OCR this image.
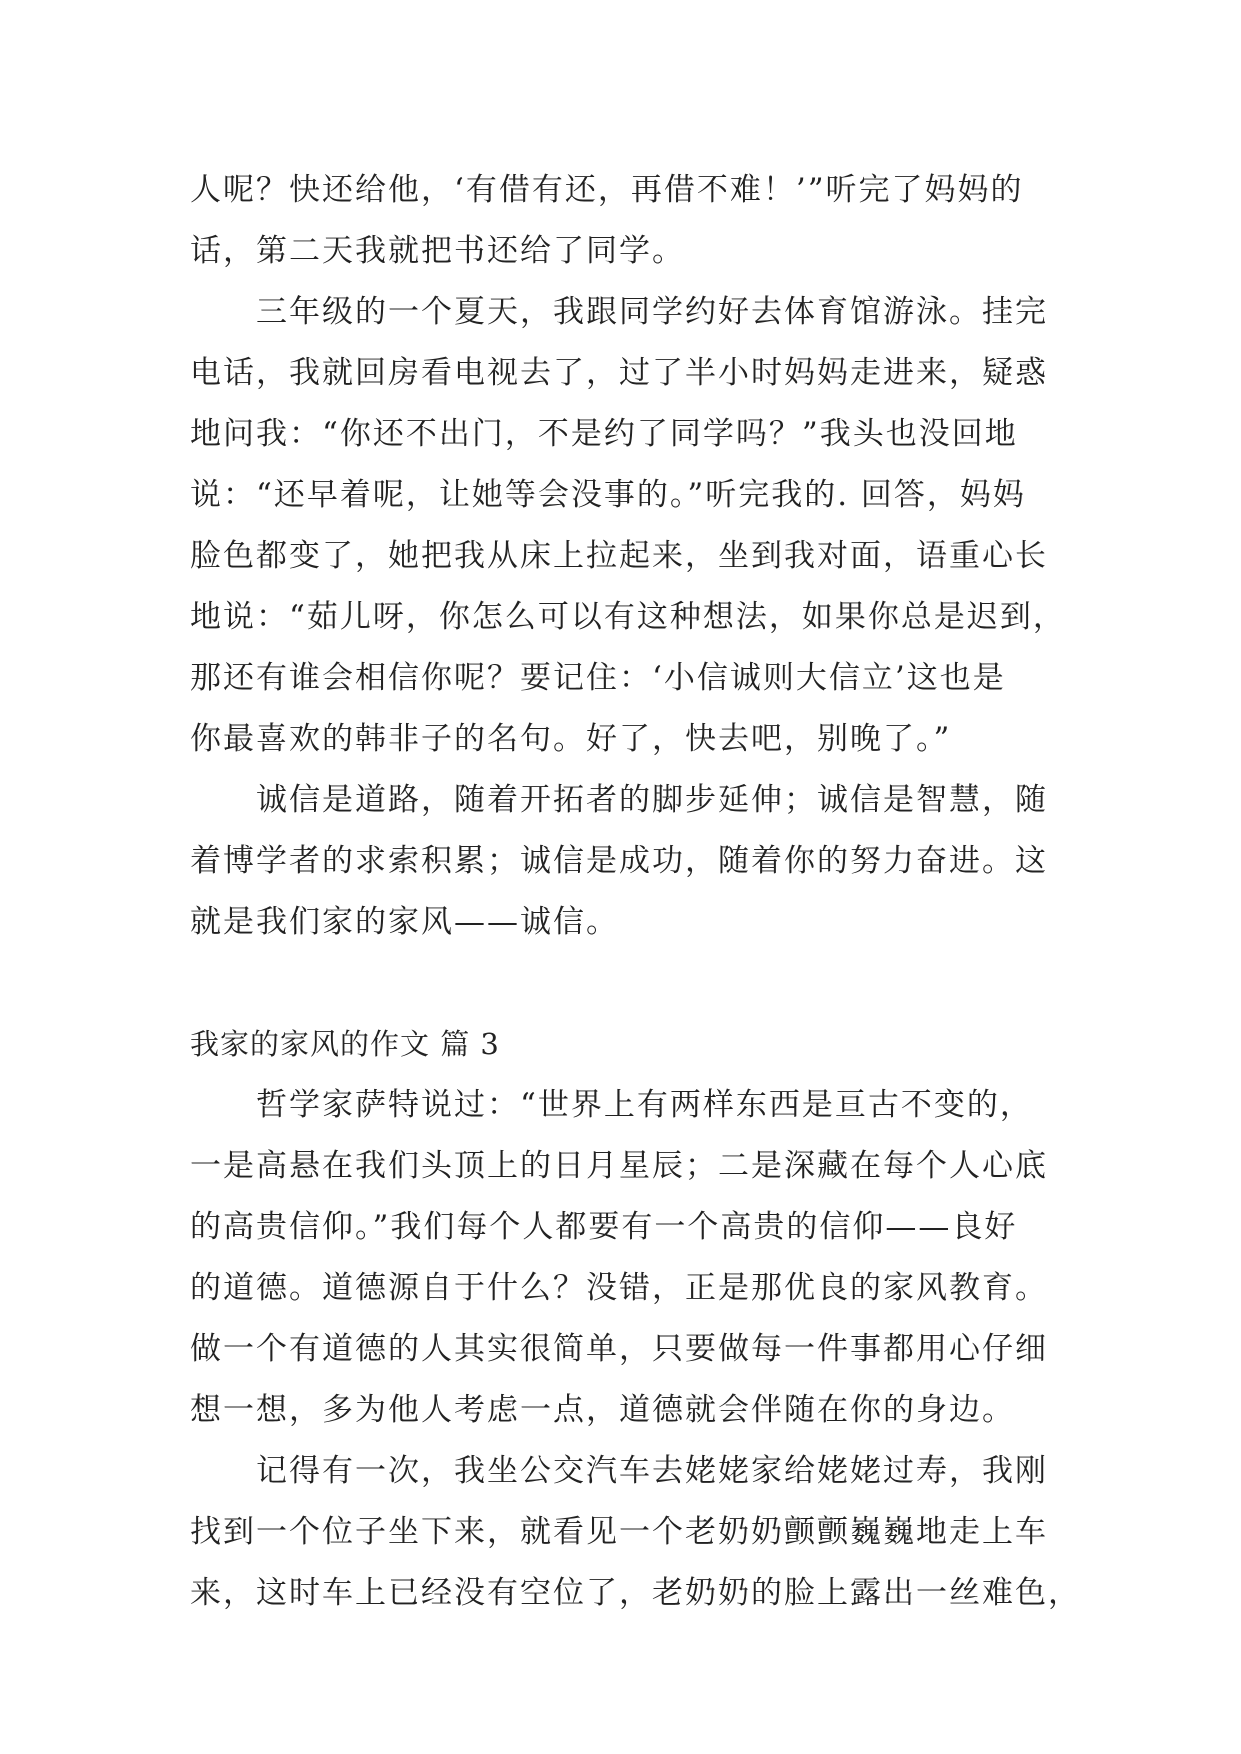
人呢？快还给他，‘有借有还，再借不难！’”听完了妈妈的
话，第二天我就把书还给了同学。
三年级的一个夏天，我跟同学约好去体育馆游泳。挂完
电话，我就回房看电视去了，过了半小时妈妈走进来，疑惑
地问我：“你还不出门，不是约了同学吗？”我头也没回地
说：“还早着呢，让她等会没事的。”听完我的. 回答，妈妈
脸色都变了，她把我从床上拉起来，坐到我对面，语重心长
地说：“茹儿呀，你怎么可以有这种想法，如果你总是迟到，
那还有谁会相信你呢？要记住：‘小信诚则大信立’这也是
你最喜欢的韩非子的名句。好了，快去吧，别晚了。”
诚信是道路，随着开拓者的脚步延伸；诚信是智慧，随
着博学者的求索积累；诚信是成功，随着你的努力奋进。这
就是我们家的家风——诚信。
我家的家风的作文 篇 3
哲学家萨特说过：“世界上有两样东西是亘古不变的，
一是高悬在我们头顶上的日月星辰；二是深藏在每个人心底
的高贵信仰。”我们每个人都要有一个高贵的信仰——良好
的道德。道德源自于什么？没错，正是那优良的家风教育。
做一个有道德的人其实很简单，只要做每一件事都用心仔细
想一想，多为他人考虑一点，道德就会伴随在你的身边。
记得有一次，我坐公交汽车去姥姥家给姥姥过寿，我刚
找到一个位子坐下来，就看见一个老奶奶颤颤巍巍地走上车
来，这时车上已经没有空位了，老奶奶的脸上露出一丝难色，
